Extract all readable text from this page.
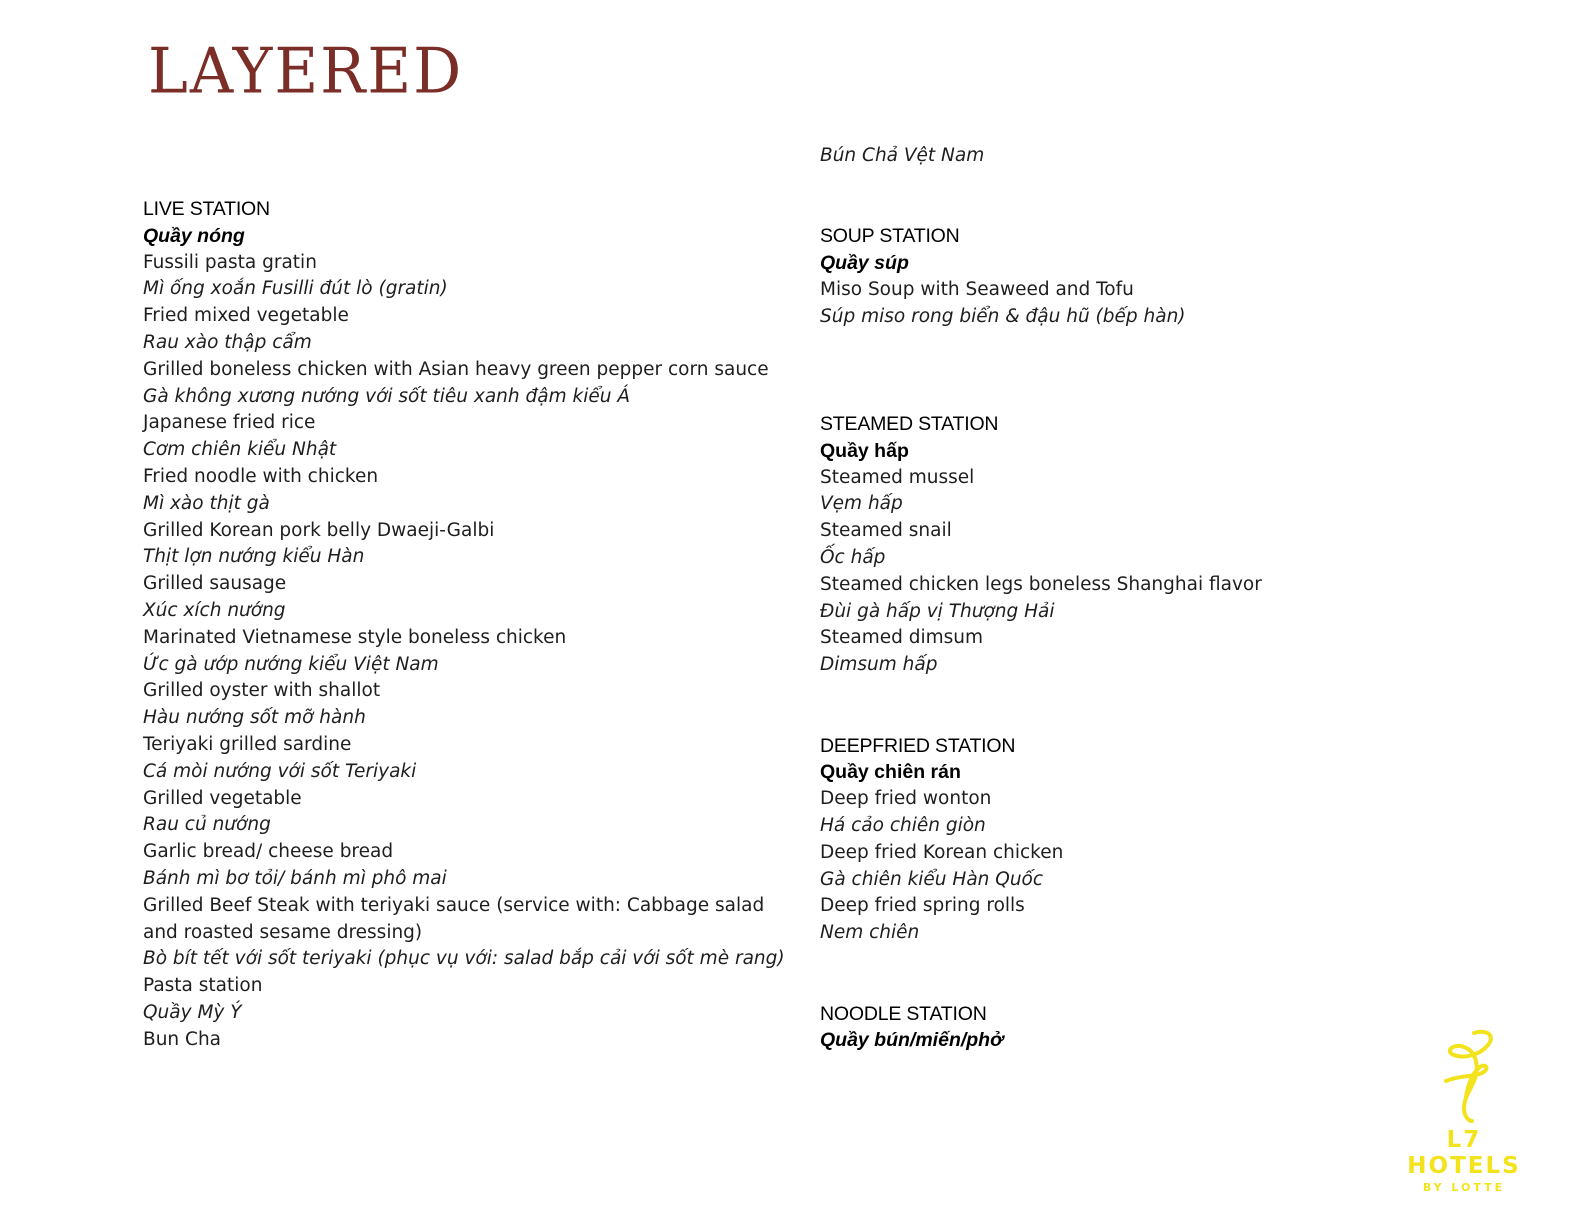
LAYERED
LIVE STATION
Quầy nóng
Fussili pasta gratin
Mì ống xoắn Fusilli đút lò (gratin)
Fried mixed vegetable
Rau xào thập cẩm
Grilled boneless chicken with Asian heavy green pepper corn sauce
Gà không xương nướng với sốt tiêu xanh đậm kiểu Á
Japanese fried rice
Cơm chiên kiểu Nhật
Fried noodle with chicken
Mì xào thịt gà
Grilled Korean pork belly Dwaeji-Galbi
Thịt lợn nướng kiểu Hàn
Grilled sausage
Xúc xích nướng
Marinated Vietnamese style boneless chicken
Ức gà ướp nướng kiểu Việt Nam
Grilled oyster with shallot
Hàu nướng sốt mỡ hành
Teriyaki grilled sardine
Cá mòi nướng với sốt Teriyaki
Grilled vegetable
Rau củ nướng
Garlic bread/ cheese bread
Bánh mì bơ tỏi/ bánh mì phô mai
Grilled Beef Steak with teriyaki sauce (service with: Cabbage salad
and roasted sesame dressing)
Bò bít tết với sốt teriyaki (phục vụ với: salad bắp cải với sốt mè rang)
Pasta station
Quầy Mỳ Ý
Bun Cha
Bún Chả Vệt Nam
SOUP STATION
Quầy súp
Miso Soup with Seaweed and Tofu
Súp miso rong biển & đậu hũ (bếp hàn)
STEAMED STATION
Quầy hấp
Steamed mussel
Vẹm hấp
Steamed snail
Ốc hấp
Steamed chicken legs boneless Shanghai flavor
Đùi gà hấp vị Thượng Hải
Steamed dimsum
Dimsum hấp
DEEPFRIED STATION
Quầy chiên rán
Deep fried wonton
Há cảo chiên giòn
Deep fried Korean chicken
Gà chiên kiểu Hàn Quốc
Deep fried spring rolls
Nem chiên
NOODLE STATION
Quầy bún/miến/phở
L7 HOTELS
BY LOTTE
